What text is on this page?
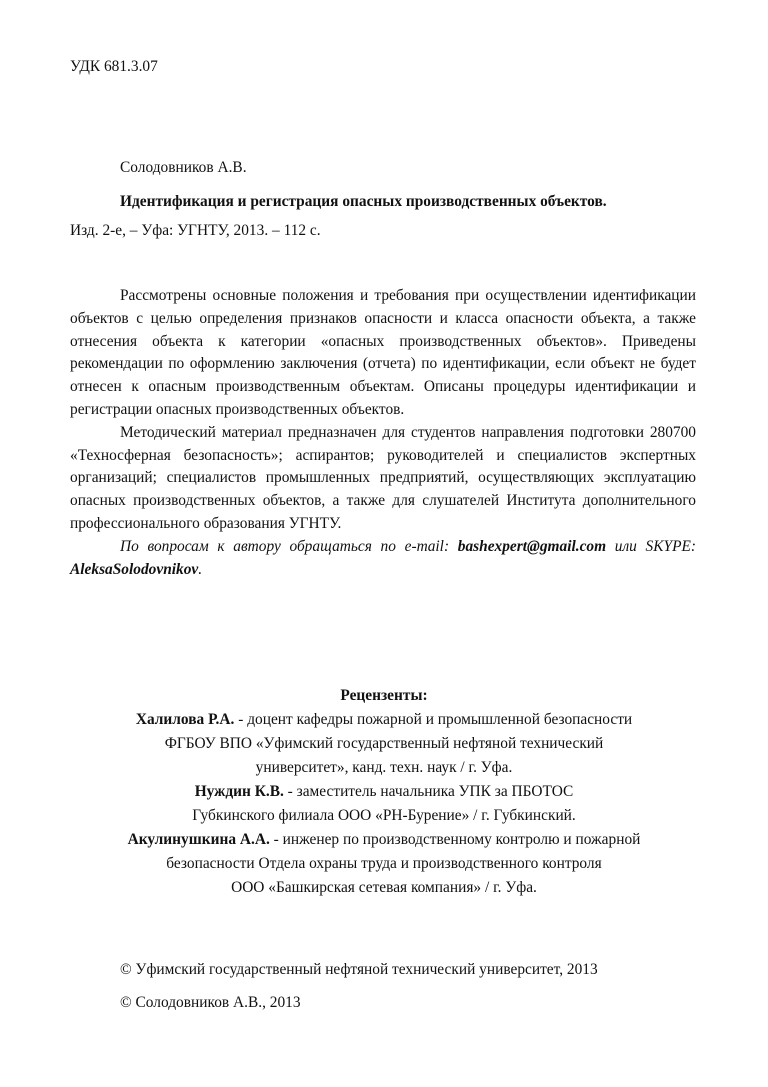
УДК 681.3.07
Солодовников А.В.
Идентификация и регистрация опасных производственных объектов.
Изд. 2-е, – Уфа: УГНТУ, 2013. – 112 с.

Рассмотрены основные положения и требования при осуществлении идентификации объектов с целью определения признаков опасности и класса опасности объекта, а также отнесения объекта к категории «опасных производственных объектов». Приведены рекомендации по оформлению заключения (отчета) по идентификации, если объект не будет отнесен к опасным производственным объектам. Описаны процедуры идентификации и регистрации опасных производственных объектов.

Методический материал предназначен для студентов направления подготовки 280700 «Техносферная безопасность»; аспирантов; руководителей и специалистов экспертных организаций; специалистов промышленных предприятий, осуществляющих эксплуатацию опасных производственных объектов, а также для слушателей Института дополнительного профессионального образования УГНТУ.

По вопросам к автору обращаться по e-mail: bashexpert@gmail.com или SKYPE: AleksaSolodovnikov.

Рецензенты:
Халилова Р.А. - доцент кафедры пожарной и промышленной безопасности
ФГБОУ ВПО «Уфимский государственный нефтяной технический
университет», канд. техн. наук / г. Уфа.
Нуждин К.В. - заместитель начальника УПК за ПБОТОС
Губкинского филиала ООО «РН-Бурение» / г. Губкинский.
Акулинушкина А.А. - инженер по производственному контролю и пожарной
безопасности Отдела охраны труда и производственного контроля
ООО «Башкирская сетевая компания» / г. Уфа.
© Уфимский государственный нефтяной технический университет, 2013
© Солодовников А.В., 2013
